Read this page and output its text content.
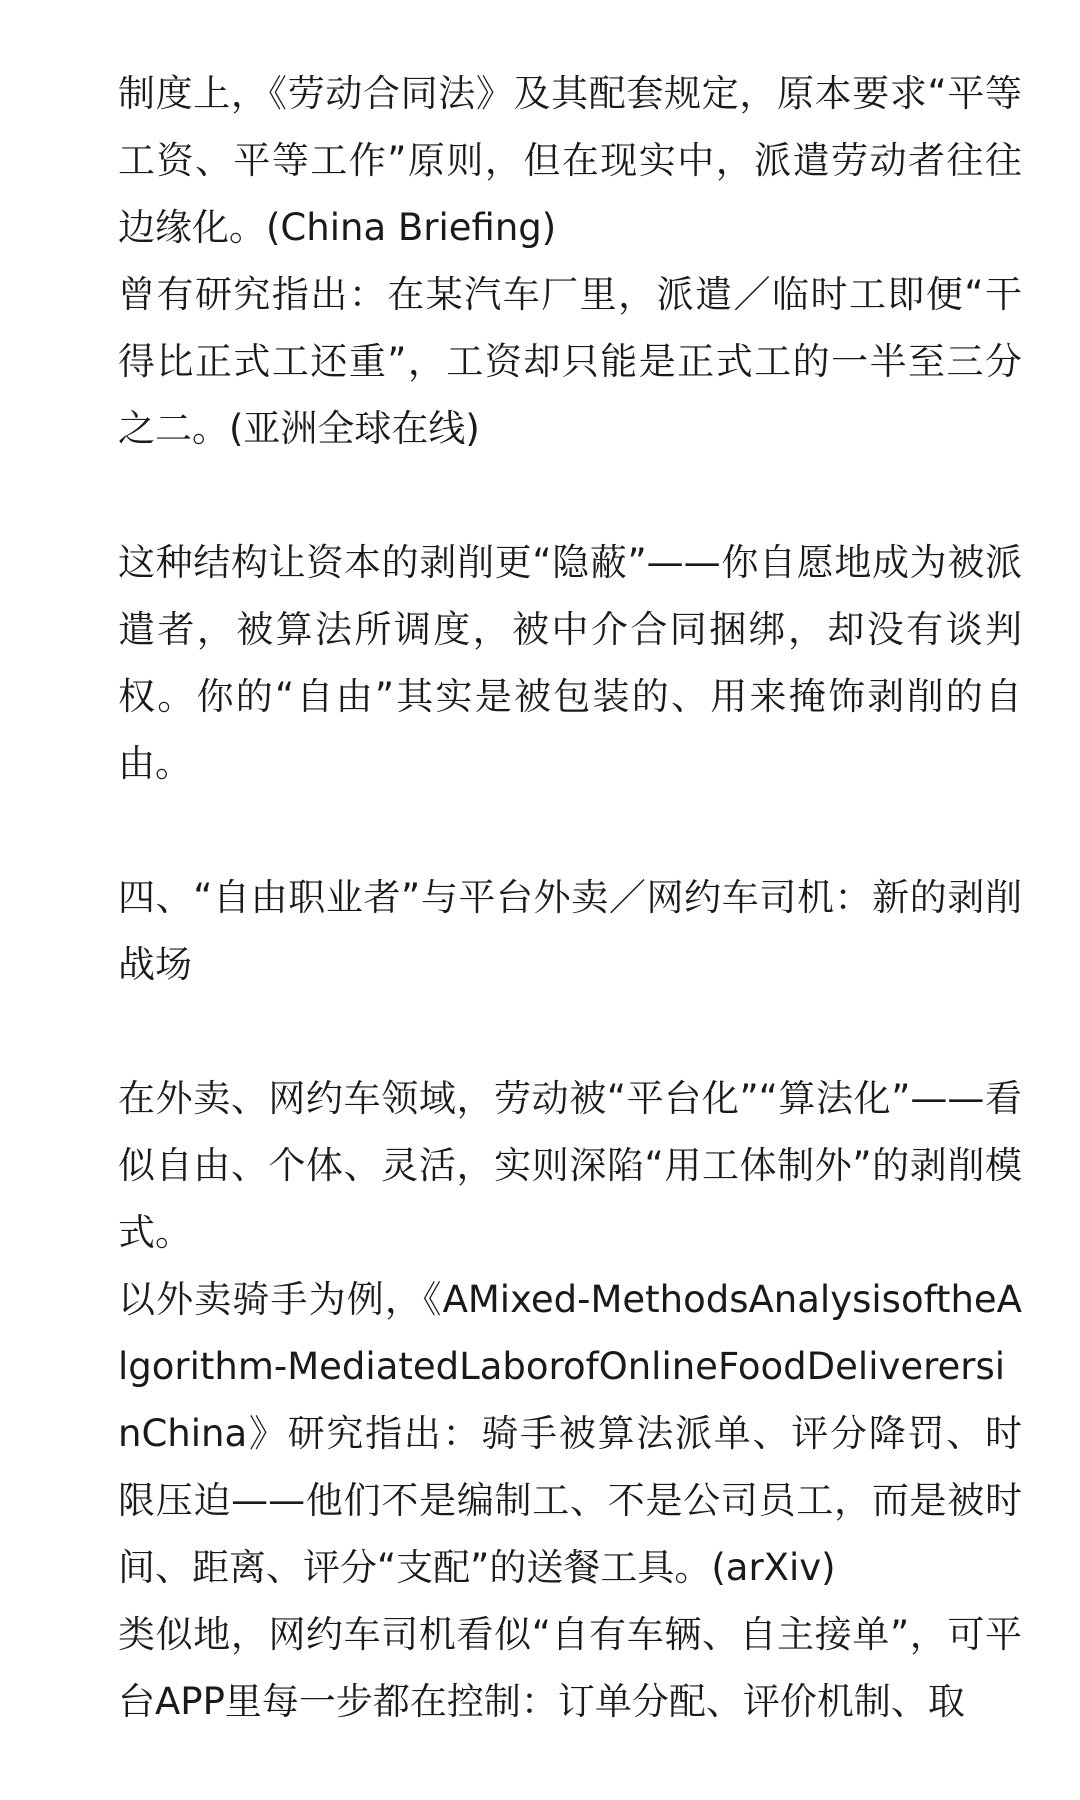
制度上，《劳动合同法》及其配套规定，原本要求“平等工资、平等工作”原则，但在现实中，派遣劳动者往往边缘化。(China Briefing)

曾有研究指出：在某汽车厂里，派遣／临时工即便“干得比正式工还重”，工资却只能是正式工的一半至三分之二。(亚洲全球在线)

这种结构让资本的剥削更“隐蔽”——你自愿地成为被派遣者，被算法所调度，被中介合同捆绑，却没有谈判权。你的“自由”其实是被包装的、用来掩饰剥削的自由。

四、“自由职业者”与平台外卖／网约车司机：新的剥削战场

在外卖、网约车领域，劳动被“平台化”“算法化”——看似自由、个体、灵活，实则深陷“用工体制外”的剥削模式。

以外卖骑手为例，《AMixed-MethodsAnalysisoftheAlgorithm-MediatedLaborofOnlineFoodDeliverersinChina》研究指出：骑手被算法派单、评分降罚、时限压迫——他们不是编制工、不是公司员工，而是被时间、距离、评分“支配”的送餐工具。(arXiv)

类似地，网约车司机看似“自有车辆、自主接单”，可平台APP里每一步都在控制：订单分配、评价机制、取
